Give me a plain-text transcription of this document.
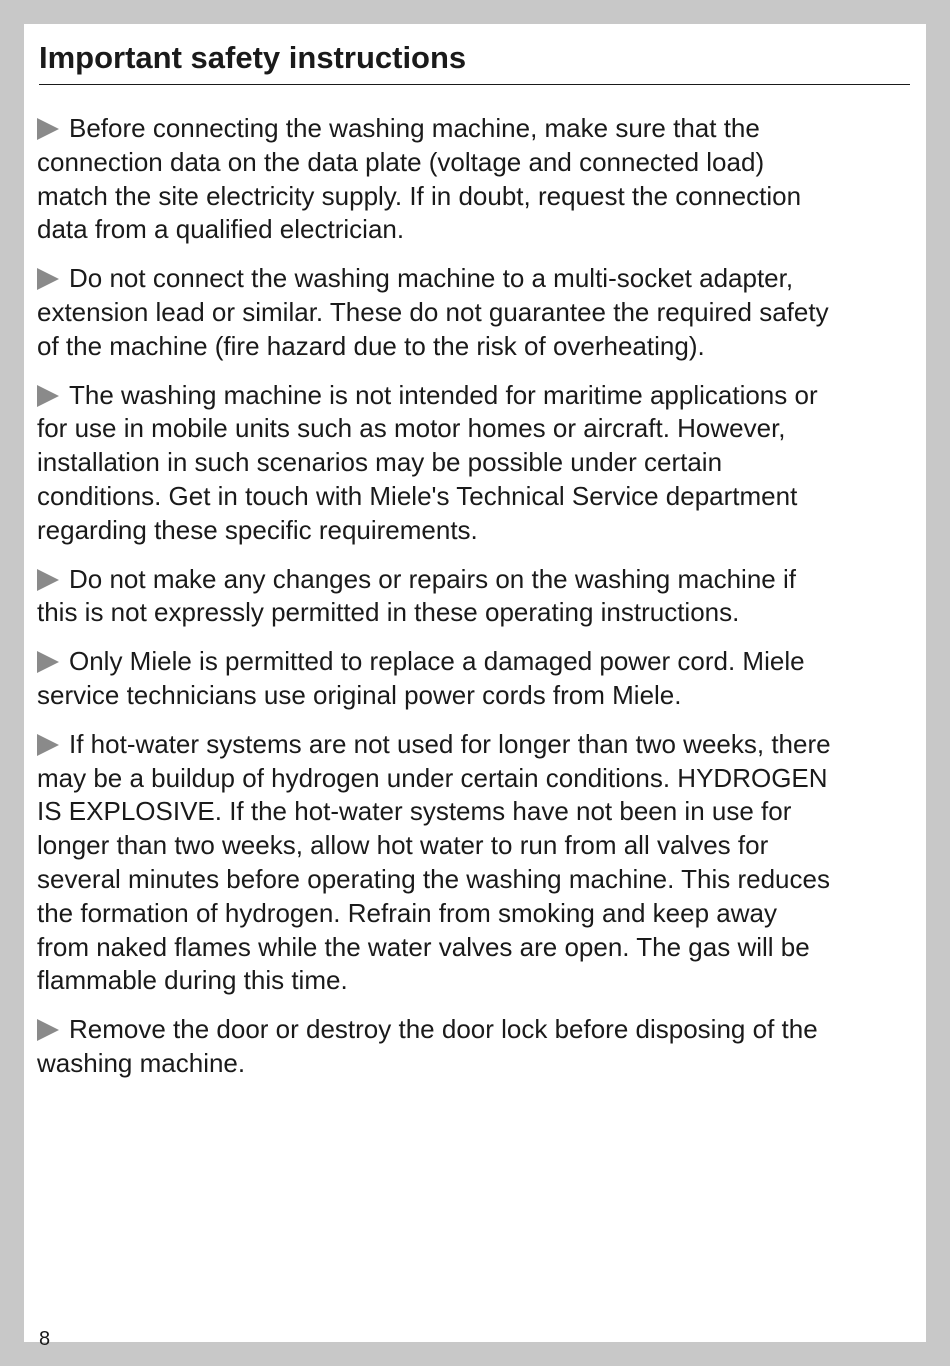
Important safety instructions

Before connecting the washing machine, make sure that the
connection data on the data plate (voltage and connected load)
match the site electricity supply. If in doubt, request the connection
data from a qualified electrician.

Do not connect the washing machine to a multi-socket adapter,
extension lead or similar. These do not guarantee the required safety
of the machine (fire hazard due to the risk of overheating).

The washing machine is not intended for maritime applications or
for use in mobile units such as motor homes or aircraft. However,
installation in such scenarios may be possible under certain
conditions. Get in touch with Miele's Technical Service department
regarding these specific requirements.

Do not make any changes or repairs on the washing machine if
this is not expressly permitted in these operating instructions.

Only Miele is permitted to replace a damaged power cord. Miele
service technicians use original power cords from Miele.

If hot-water systems are not used for longer than two weeks, there
may be a buildup of hydrogen under certain conditions. HYDROGEN
IS EXPLOSIVE. If the hot-water systems have not been in use for
longer than two weeks, allow hot water to run from all valves for
several minutes before operating the washing machine. This reduces
the formation of hydrogen. Refrain from smoking and keep away
from naked flames while the water valves are open. The gas will be
flammable during this time.

Remove the door or destroy the door lock before disposing of the
washing machine.

8
